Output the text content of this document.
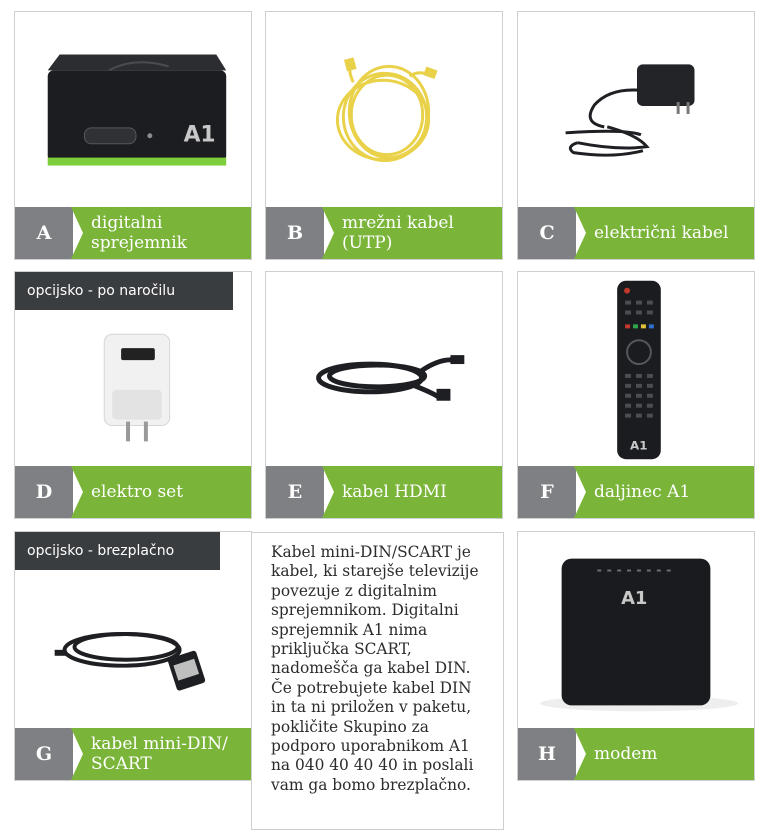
A1
A	digitalni sprejemnik	B	mrežni kabel (UTP)	C	električni kabel
opcijsko - po naročilu
D	elektro set	E	kabel HDMI
A1
F	daljinec A1
opcijsko - brezplačno
G	kabel mini-DIN/ SCART
Kabel mini-DIN/SCART je kabel, ki starejše televizije povezuje z digitalnim sprejemnikom. Digitalni sprejemnik A1 nima priključka SCART, nadomešča ga kabel DIN. Če potrebujete kabel DIN in ta ni priložen v paketu, pokličite Skupino za podporo uporabnikom A1 na 040 40 40 40 in poslali vam ga bomo brezplačno.
A1
H	modem
